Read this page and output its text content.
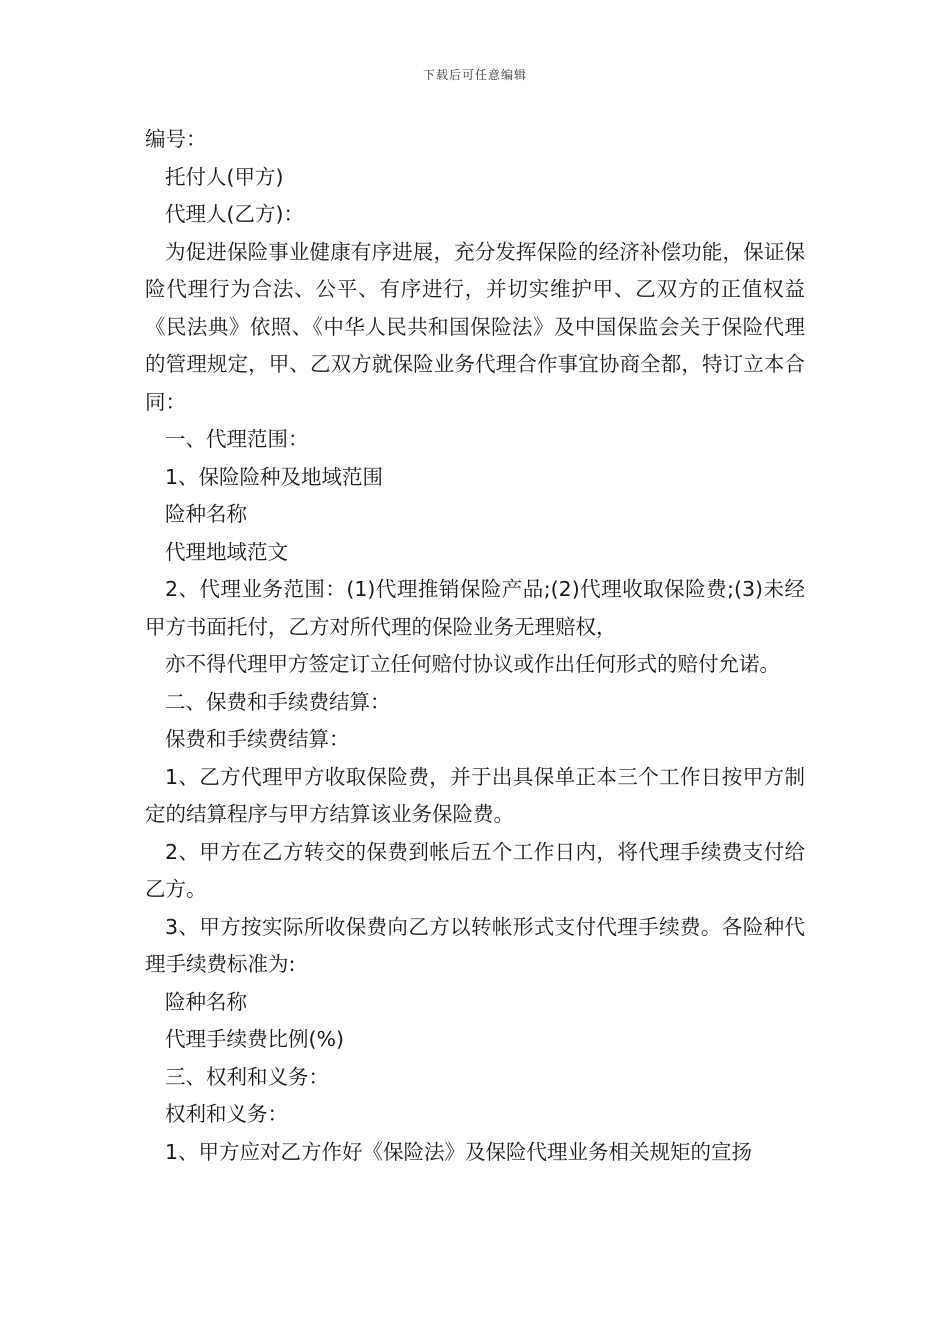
下载后可任意编辑

编号：

托付人(甲方)

代理人(乙方)：

为促进保险事业健康有序进展，充分发挥保险的经济补偿功能，保证保险代理行为合法、公平、有序进行，并切实维护甲、乙双方的正值权益《民法典》依照、《中华人民共和国保险法》及中国保监会关于保险代理的管理规定，甲、乙双方就保险业务代理合作事宜协商全都，特订立本合同：

一、代理范围：

1、保险险种及地域范围

险种名称

代理地域范文

2、代理业务范围：(1)代理推销保险产品;(2)代理收取保险费;(3)未经甲方书面托付，乙方对所代理的保险业务无理赔权，

亦不得代理甲方签定订立任何赔付协议或作出任何形式的赔付允诺。

二、保费和手续费结算：

保费和手续费结算：

1、乙方代理甲方收取保险费，并于出具保单正本三个工作日按甲方制定的结算程序与甲方结算该业务保险费。

2、甲方在乙方转交的保费到帐后五个工作日内，将代理手续费支付给乙方。

3、甲方按实际所收保费向乙方以转帐形式支付代理手续费。各险种代理手续费标准为:

险种名称

代理手续费比例(%)

三、权利和义务：

权利和义务：

1、甲方应对乙方作好《保险法》及保险代理业务相关规矩的宣扬
